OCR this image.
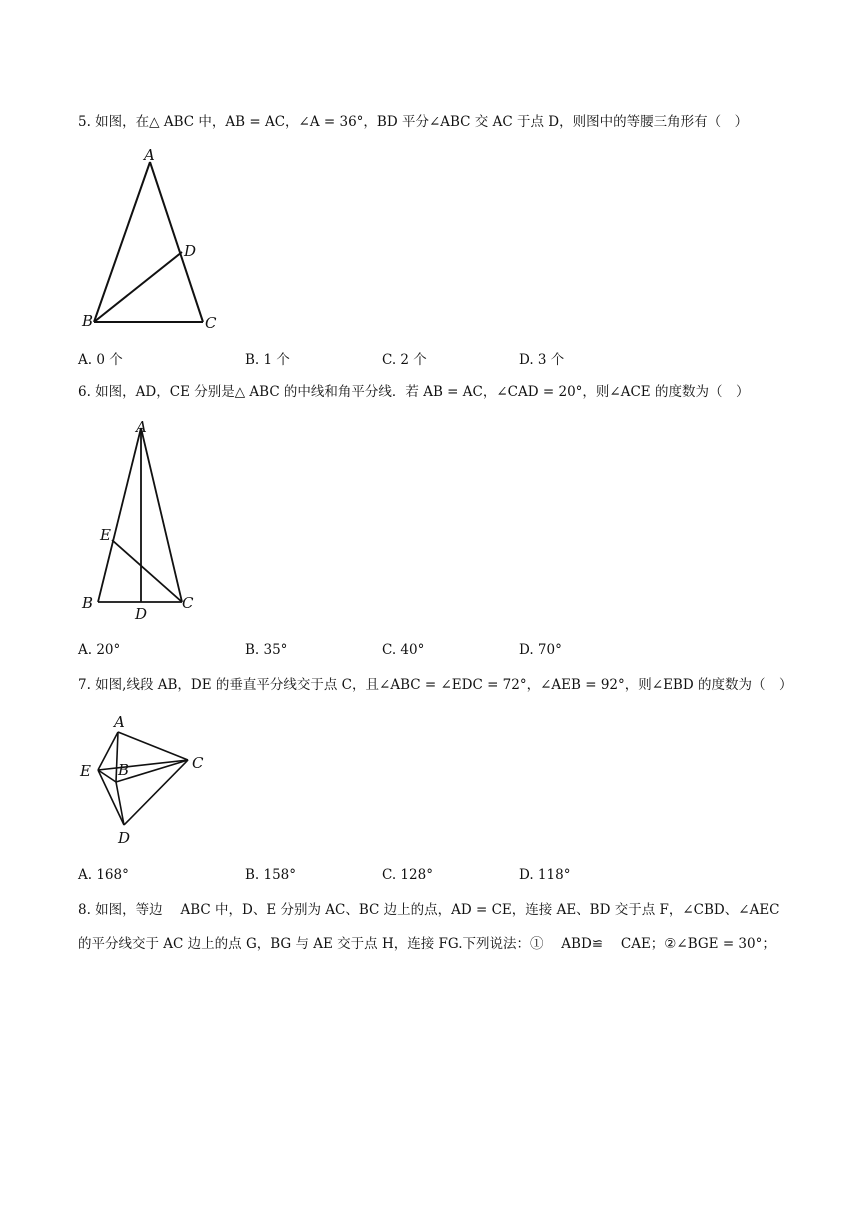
5. 如图，在△ ABC 中，AB = AC，∠A = 36°，BD 平分∠ABC 交 AC 于点 D，则图中的等腰三角形有（　）
A
B	C
D
A. 0 个	B. 1 个	C. 2 个	D. 3 个
6. 如图，AD，CE 分别是△ ABC 的中线和角平分线．若 AB = AC，∠CAD = 20°，则∠ACE 的度数为（　）
A
E
B
D
C
A. 20°	B. 35°	C. 40°	D. 70°
7. 如图,线段 AB，DE 的垂直平分线交于点 C，且∠ABC = ∠EDC = 72°，∠AEB = 92°，则∠EBD 的度数为（　）
A
E B	C
D
A. 168°	B. 158°	C. 128°	D. 118°
8. 如图，等边 　ABC 中，D、E 分别为 AC、BC 边上的点，AD = CE，连接 AE、BD 交于点 F，∠CBD、∠AEC
的平分线交于 AC 边上的点 G，BG 与 AE 交于点 H，连接 FG.下列说法：① 　ABD≌ 　CAE；②∠BGE = 30°；
